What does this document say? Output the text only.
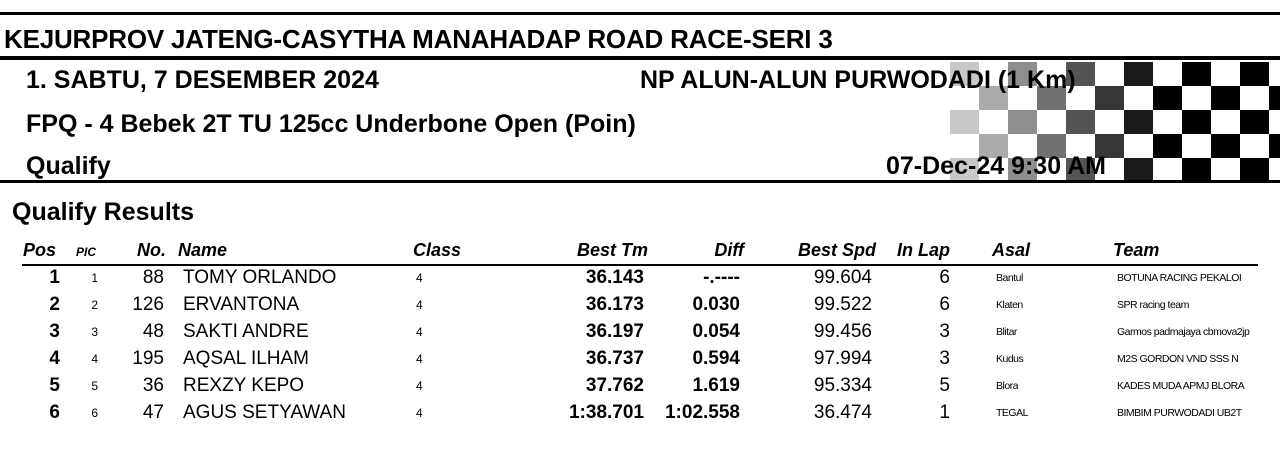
KEJURPROV JATENG-CASYTHA MANAHADAP ROAD RACE-SERI 3
1. SABTU, 7 DESEMBER 2024	NP ALUN-ALUN PURWODADI (1 Km)
FPQ - 4 Bebek 2T TU 125cc Underbone Open (Poin)
Qualify	07-Dec-24 9:30 AM
Qualify Results
Pos PIC No. Name	Class	Best Tm	Diff	Best Spd In Lap Asal	Team
1	1	88 TOMY ORLANDO	4	36.143	-.----	99.604	6	Bantul	BOTUNA RACING PEKALOI
2	2	126 ERVANTONA	4	36.173	0.030	99.522	6	Klaten	SPR racing team
3	3	48 SAKTI ANDRE	4	36.197	0.054	99.456	3	Blitar	Garmos padmajaya cbmova2jp
4	4	195 AQSAL ILHAM	4	36.737	0.594	97.994	3	Kudus	M2S GORDON VND SSS N
5	5	36 REXZY KEPO	4	37.762	1.619	95.334	5	Blora	KADES MUDA APMJ BLORA
6	6	47 AGUS SETYAWAN	4	1:38.701 1:02.558	36.474	1	TEGAL	BIMBIM PURWODADI UB2T
